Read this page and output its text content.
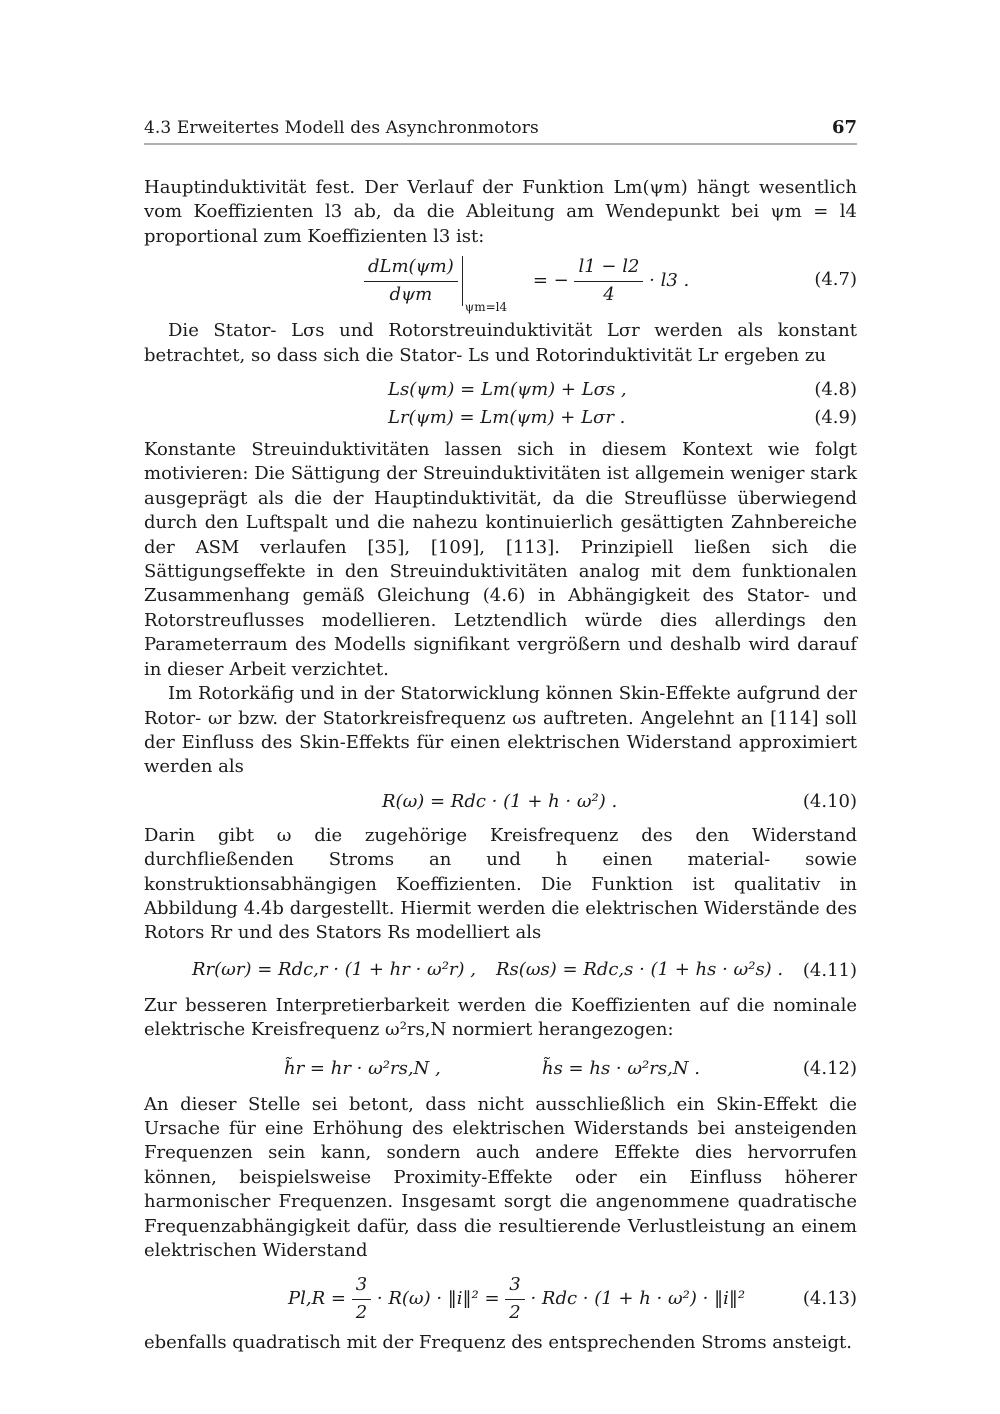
4.3 Erweitertes Modell des Asynchronmotors	67

Hauptinduktivität fest. Der Verlauf der Funktion Lm(ψm) hängt wesentlich vom Koeffizienten l3 ab, da die Ableitung am Wendepunkt bei ψm = l4 proportional zum Koeffizienten l3 ist:

$\frac{\text{dLm(ψm)}}{\text{dψm}} _{\psi m=l4}$ = − $\frac{l1 - l2}{4} \cdot l3$ .	(4.7)

Die Stator- Lσs und Rotorstreuinduktivität Lσr werden als konstant betrachtet, so dass sich die Stator- Ls und Rotorinduktivität Lr ergeben zu

Ls(ψm) = Lm(ψm) + Lσs ,	(4.8)
Lr(ψm) = Lm(ψm) + Lσr .	(4.9)

Konstante Streuinduktivitäten lassen sich in diesem Kontext wie folgt motivieren: Die Sättigung der Streuinduktivitäten ist allgemein weniger stark ausgeprägt als die der Hauptinduktivität, da die Streuflüsse überwiegend durch den Luftspalt und die nahezu kontinuierlich gesättigten Zahnbereiche der ASM verlaufen [35], [109], [113]. Prinzipiell ließen sich die Sättigungseffekte in den Streuinduktivitäten analog mit dem funktionalen Zusammenhang gemäß Gleichung (4.6) in Abhängigkeit des Stator- und Rotorstreuflusses modellieren. Letztendlich würde dies allerdings den Parameterraum des Modells signifikant vergrößern und deshalb wird darauf in dieser Arbeit verzichtet.

Im Rotorkäfig und in der Statorwicklung können Skin-Effekte aufgrund der Rotor- ωr bzw. der Statorkreisfrequenz ωs auftreten. Angelehnt an [114] soll der Einfluss des Skin-Effekts für einen elektrischen Widerstand approximiert werden als

R(ω) = Rdc · (1 + h · ω²) .	(4.10)

Darin gibt ω die zugehörige Kreisfrequenz des den Widerstand durchfließenden Stroms an und h einen material- sowie konstruktionsabhängigen Koeffizienten. Die Funktion ist qualitativ in Abbildung 4.4b dargestellt. Hiermit werden die elektrischen Widerstände des Rotors Rr und des Stators Rs modelliert als

Rr(ωr) = Rdc,r · (1 + hr · ω²r) , Rs(ωs) = Rdc,s · (1 + hs · ω²s) . (4.11)

Zur besseren Interpretierbarkeit werden die Koeffizienten auf die nominale elektrische Kreisfrequenz ω²rs,N normiert herangezogen:

h̃r = hr · ω²rs,N ,	h̃s = hs · ω²rs,N .	(4.12)

An dieser Stelle sei betont, dass nicht ausschließlich ein Skin-Effekt die Ursache für eine Erhöhung des elektrischen Widerstands bei ansteigenden Frequenzen sein kann, sondern auch andere Effekte dies hervorrufen können, beispielsweise Proximity-Effekte oder ein Einfluss höherer harmonischer Frequenzen. Insgesamt sorgt die angenommene quadratische Frequenzabhängigkeit dafür, dass die resultierende Verlustleistung an einem elektrischen Widerstand

$Pl,R = \frac{3}{2} \cdot R(\omega)$ · ‖i‖² = $\frac{3}{2}$ · Rdc · (1 + h · ω²) · ‖i‖²	(4.13)

ebenfalls quadratisch mit der Frequenz des entsprechenden Stroms ansteigt.
